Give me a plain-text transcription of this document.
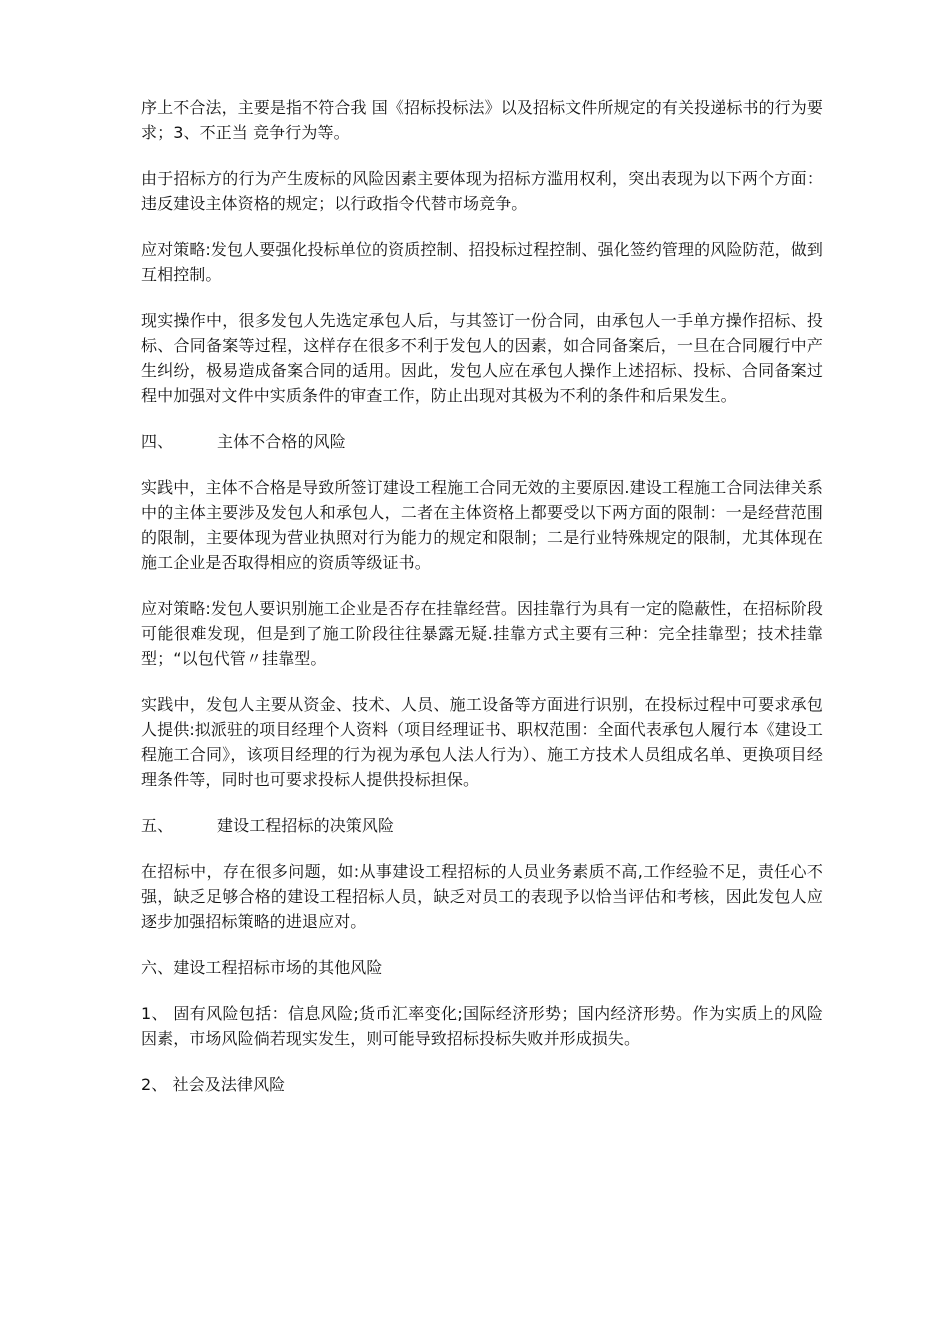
序上不合法，主要是指不符合我 国《招标投标法》以及招标文件所规定的有关投递标书的行为要求；3、不正当 竞争行为等。

由于招标方的行为产生废标的风险因素主要体现为招标方滥用权利，突出表现为以下两个方面：违反建设主体资格的规定；以行政指令代替市场竞争。

应对策略:发包人要强化投标单位的资质控制、招投标过程控制、强化签约管理的风险防范，做到互相控制。

现实操作中，很多发包人先选定承包人后，与其签订一份合同，由承包人一手单方操作招标、投标、合同备案等过程，这样存在很多不利于发包人的因素，如合同备案后，一旦在合同履行中产生纠纷，极易造成备案合同的适用。因此，发包人应在承包人操作上述招标、投标、合同备案过程中加强对文件中实质条件的审查工作，防止出现对其极为不利的条件和后果发生。

四、	主体不合格的风险

实践中，主体不合格是导致所签订建设工程施工合同无效的主要原因.建设工程施工合同法律关系中的主体主要涉及发包人和承包人，二者在主体资格上都要受以下两方面的限制：一是经营范围的限制，主要体现为营业执照对行为能力的规定和限制；二是行业特殊规定的限制，尤其体现在施工企业是否取得相应的资质等级证书。

应对策略:发包人要识别施工企业是否存在挂靠经营。因挂靠行为具有一定的隐蔽性，在招标阶段可能很难发现，但是到了施工阶段往往暴露无疑.挂靠方式主要有三种：完全挂靠型；技术挂靠型；“以包代管〃挂靠型。

实践中，发包人主要从资金、技术、人员、施工设备等方面进行识别，在投标过程中可要求承包人提供:拟派驻的项目经理个人资料（项目经理证书、职权范围：全面代表承包人履行本《建设工程施工合同》，该项目经理的行为视为承包人法人行为）、施工方技术人员组成名单、更换项目经理条件等，同时也可要求投标人提供投标担保。

五、	建设工程招标的决策风险

在招标中，存在很多问题，如:从事建设工程招标的人员业务素质不高,工作经验不足，责任心不强，缺乏足够合格的建设工程招标人员，缺乏对员工的表现予以恰当评估和考核，因此发包人应逐步加强招标策略的进退应对。

六、建设工程招标市场的其他风险

1、 固有风险包括：信息风险;货币汇率变化;国际经济形势；国内经济形势。作为实质上的风险因素，市场风险倘若现实发生，则可能导致招标投标失败并形成损失。

2、 社会及法律风险
